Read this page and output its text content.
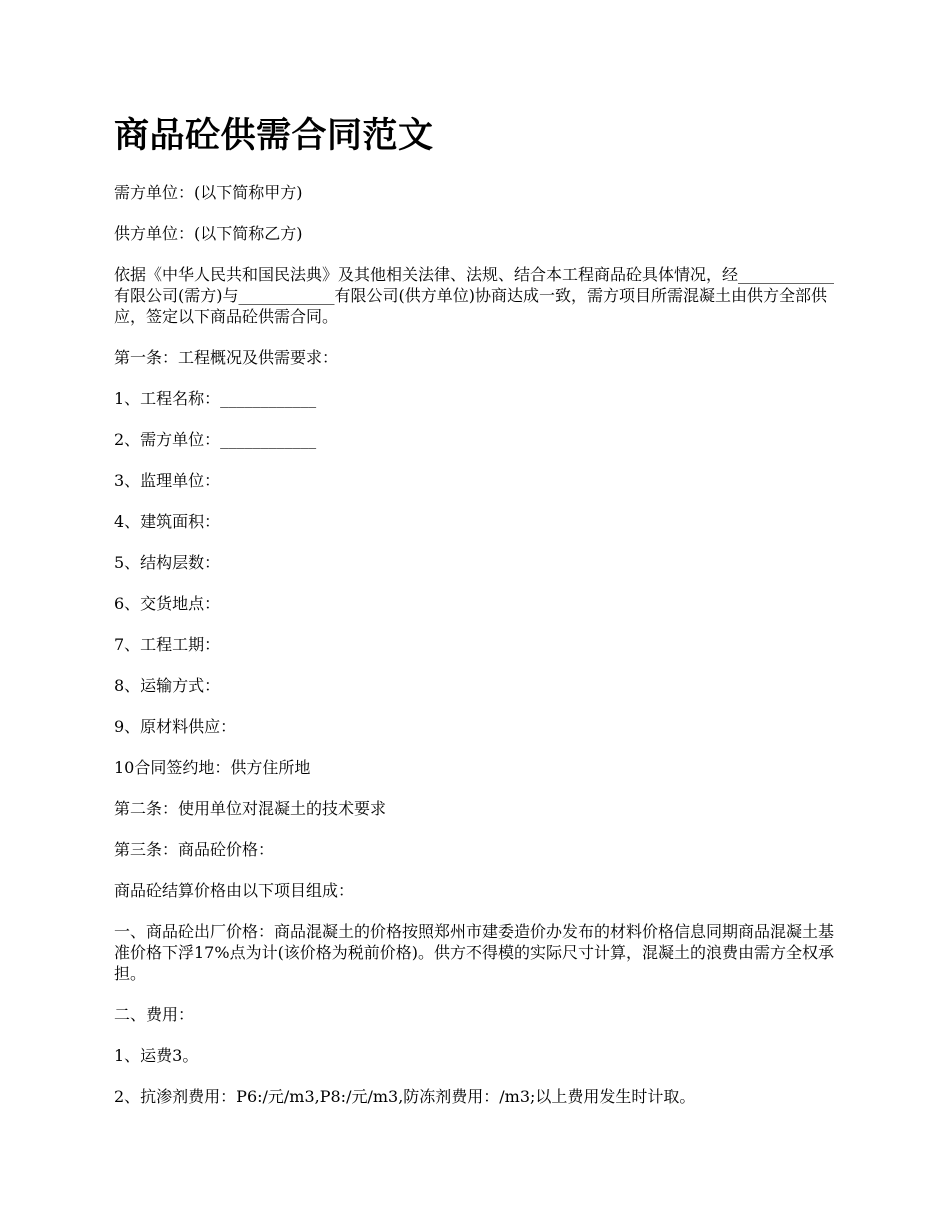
商品砼供需合同范文

需方单位：(以下简称甲方)

供方单位：(以下简称乙方)

依据《中华人民共和国民法典》及其他相关法律、法规、结合本工程商品砼具体情况，经____________有限公司(需方)与____________有限公司(供方单位)协商达成一致，需方项目所需混凝土由供方全部供应，签定以下商品砼供需合同。

第一条：工程概况及供需要求：

1、工程名称：____________

2、需方单位：____________

3、监理单位：

4、建筑面积：

5、结构层数：

6、交货地点：

7、工程工期：

8、运输方式：

9、原材料供应：

10合同签约地：供方住所地

第二条：使用单位对混凝土的技术要求

第三条：商品砼价格：

商品砼结算价格由以下项目组成：

一、商品砼出厂价格：商品混凝土的价格按照郑州市建委造价办发布的材料价格信息同期商品混凝土基准价格下浮17%点为计(该价格为税前价格)。供方不得模的实际尺寸计算，混凝土的浪费由需方全权承担。

二、费用：

1、运费3。

2、抗渗剂费用：P6:/元/m3,P8:/元/m3,防冻剂费用：/m3;以上费用发生时计取。
